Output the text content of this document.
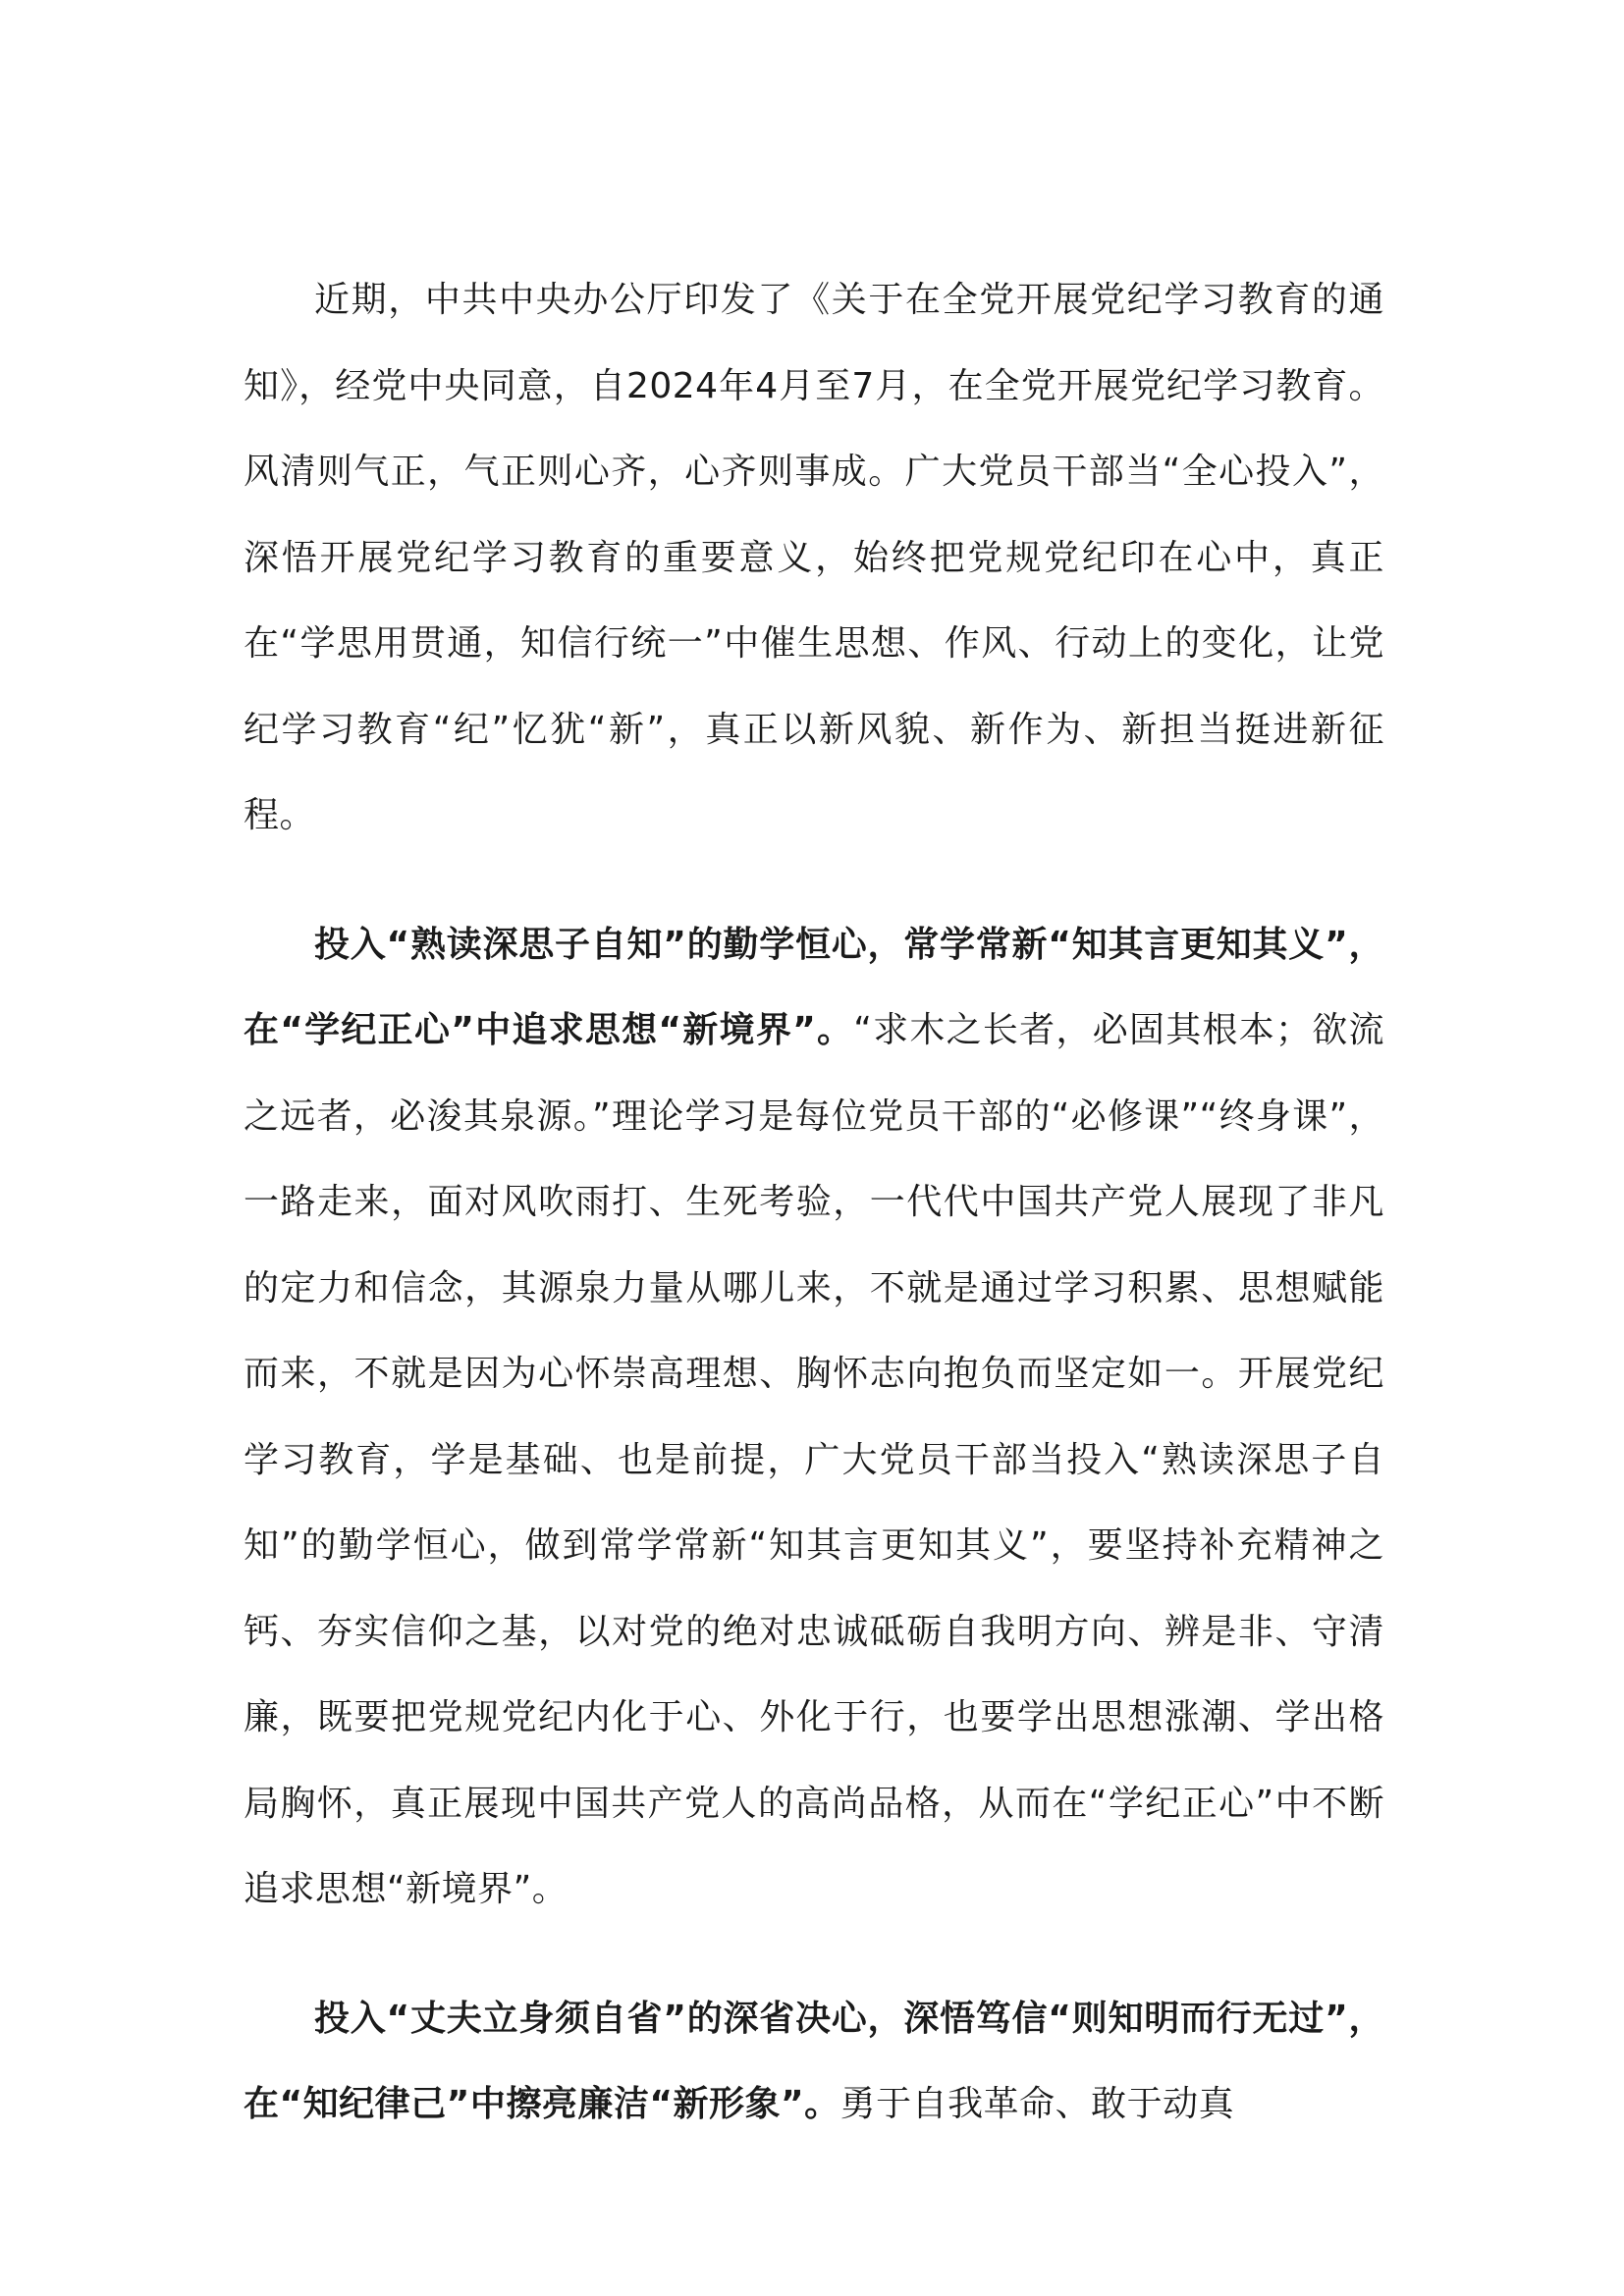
近期，中共中央办公厅印发了《关于在全党开展党纪学习教育的通知》，经党中央同意，自2024年4月至7月，在全党开展党纪学习教育。风清则气正，气正则心齐，心齐则事成。广大党员干部当“全心投入”，深悟开展党纪学习教育的重要意义，始终把党规党纪印在心中，真正在“学思用贯通，知信行统一”中催生思想、作风、行动上的变化，让党纪学习教育“纪”忆犹“新”，真正以新风貌、新作为、新担当挺进新征程。

投入“熟读深思子自知”的勤学恒心，常学常新“知其言更知其义”，在“学纪正心”中追求思想“新境界”。“求木之长者，必固其根本；欲流之远者，必浚其泉源。”理论学习是每位党员干部的“必修课”“终身课”，一路走来，面对风吹雨打、生死考验，一代代中国共产党人展现了非凡的定力和信念，其源泉力量从哪儿来，不就是通过学习积累、思想赋能而来，不就是因为心怀崇高理想、胸怀志向抱负而坚定如一。开展党纪学习教育，学是基础、也是前提，广大党员干部当投入“熟读深思子自知”的勤学恒心，做到常学常新“知其言更知其义”，要坚持补充精神之钙、夯实信仰之基，以对党的绝对忠诚砥砺自我明方向、辨是非、守清廉，既要把党规党纪内化于心、外化于行，也要学出思想涨潮、学出格局胸怀，真正展现中国共产党人的高尚品格，从而在“学纪正心”中不断追求思想“新境界”。

投入“丈夫立身须自省”的深省决心，深悟笃信“则知明而行无过”，在“知纪律己”中擦亮廉洁“新形象”。勇于自我革命、敢于动真
